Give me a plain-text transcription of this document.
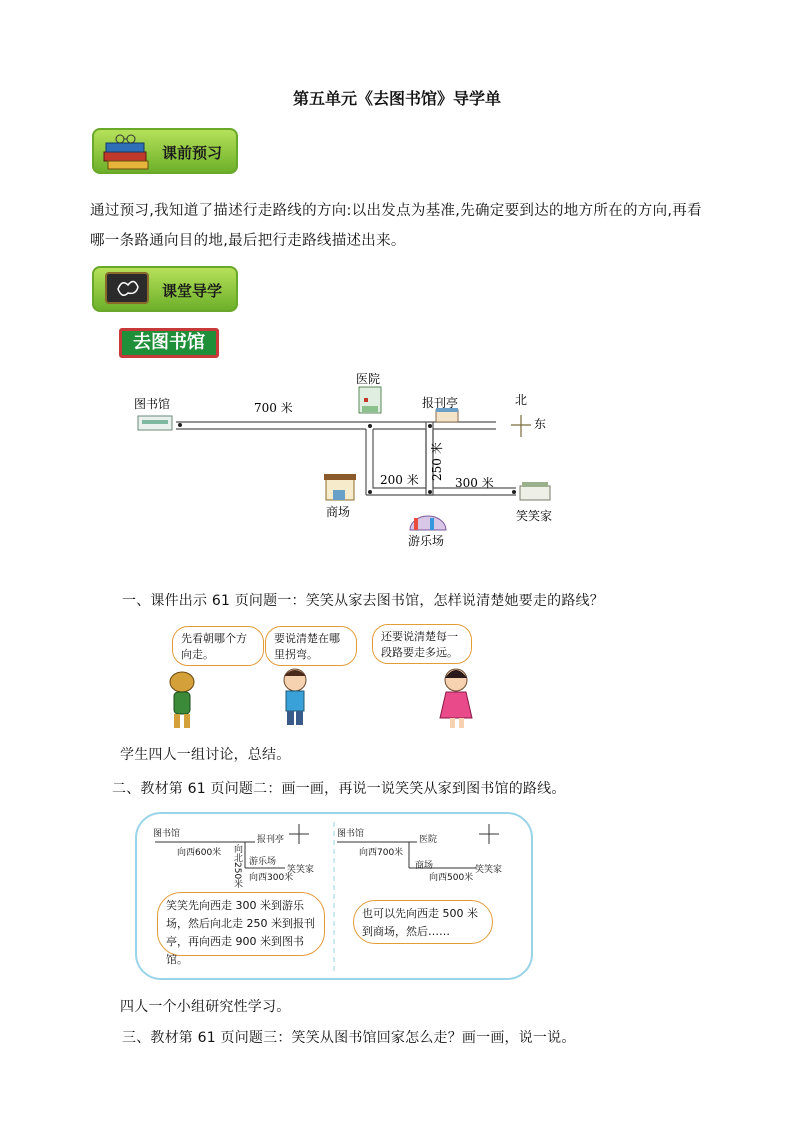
第五单元《去图书馆》导学单
课前预习
通过预习,我知道了描述行走路线的方向:以出发点为基准,先确定要到达的地方所在的方向,再看哪一条路通向目的地,最后把行走路线描述出来。
课堂导学
去图书馆
图书馆
医院
报刊亭
商场
游乐场
笑笑家
北
东
700 米
200 米	300 米
250 米
一、课件出示 61 页问题一：笑笑从家去图书馆，怎样说清楚她要走的路线？
先看朝哪个方向走。
要说清楚在哪里拐弯。
还要说清楚每一段路要走多远。
学生四人一组讨论，总结。
二、教材第 61 页问题二：画一画，再说一说笑笑从家到图书馆的路线。
图书馆
报刊亭
向西600米 向北250米 游乐场
向西300米
笑笑家
图书馆
医院
向西700米
商场
向西500米
笑笑家
笑笑先向西走 300 米到游乐场，然后向北走 250 米到报刊亭，再向西走 900 米到图书馆。
也可以先向西走 500 米到商场，然后……
四人一个小组研究性学习。
三、教材第 61 页问题三：笑笑从图书馆回家怎么走？画一画，说一说。
